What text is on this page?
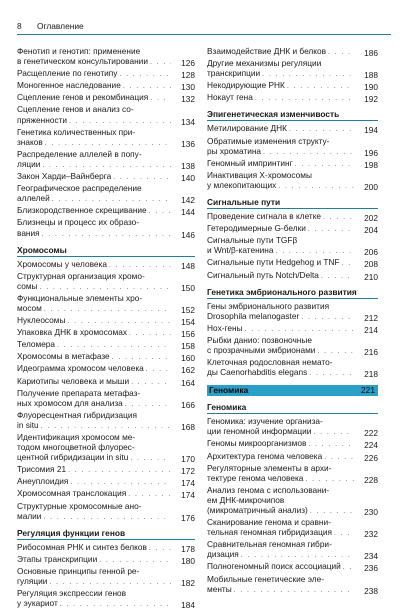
8 Оглавление
Фенотип и генотип: применение
в генетическом консультировании . . .	126
Расщепление по генотипу . . .	128
Моногенное наследование . . .	130
Сцепление генов и рекомбинация . . .	132
Сцепление генов и анализ со-
пряженности . . .	134
Генетика количественных при-
знаков . . .	136
Распределение аллелей в попу-
ляции . . .	138
Закон Харди–Вайнберга . . .	140
Географическое распределение
аллелей . . .	142
Близкородственное скрещивание . . .	144
Близнецы и процесс их образо-
вания . . .	146
Хромосомы
Хромосомы у человека . . .	148
Структурная организация хромо-
сомы . . .	150
Функциональные элементы хро-
мосом . . .	152
Нуклеосомы . . .	154
Упаковка ДНК в хромосомах . . .	156
Теломера . . .	158
Хромосомы в метафазе . . .	160
Идеограмма хромосом человека . . .	162
Кариотипы человека и мыши . . .	164
Получение препарата метафаз-
ных хромосом для анализа . . .	166
Флуоресцентная гибридизация
in situ . . .	168
Идентификация хромосом ме-
тодом многоцветной флуорес-
центной гибридизации in situ . . .	170
Трисомия 21 . . .	172
Анеуплоидия . . .	174
Хромосомная транслокация . . .	174
Структурные хромосомные ано-
малии . . .	176
Регуляция функции генов
Рибосомная РНК и синтез белков . . .	178
Этапы транскрипции . . .	180
Основные принципы генной ре-
гуляции . . .	182
Регуляция экспрессии генов
у эукариот . . .	184
Взаимодействие ДНК и белков . . .	186
Другие механизмы регуляции
транскрипции . . .	188
Некодирующие РНК . . .	190
Нокаут гена . . .	192
Эпигенетическая изменчивость
Метилирование ДНК . . .	194
Обратимые изменения структу-
ры хроматина . . .	196
Геномный импринтинг . . .	198
Инактивация X-хромосомы
у млекопитающих . . .	200
Сигнальные пути
Проведение сигнала в клетке . . .	202
Гетеродимерные G-белки . . .	204
Сигнальные пути TGFβ
и Wnt/β-катенина . . .	206
Сигнальные пути Hedgehog и TNF . . .	208
Сигнальный путь Notch/Delta . . .	210
Генетика эмбрионального развития
Гены эмбрионального развития
Drosophila melanogaster . . .	212
Hox-гены . . .	214
Рыбки данио: позвоночные
с прозрачными эмбрионами . . .	216
Клеточная родословная немато-
ды Caenorhabditis elegans . . .	218
Геномика	221
Геномика
Геномика: изучение организа-
ции геномной информации . . .	222
Геномы микроорганизмов . . .	224
Архитектура генома человека . . .	226
Регуляторные элементы в архи-
тектуре генома человека . . .	228
Анализ генома с использовани-
ем ДНК-микрочипов
(микроматричный анализ) . . .	230
Сканирование генома и сравни-
тельная геномная гибридизация . . .	232
Сравнительная геномная гибри-
дизация . . .	234
Полногеномный поиск ассоциаций . . .	236
Мобильные генетические эле-
менты . . .	238
